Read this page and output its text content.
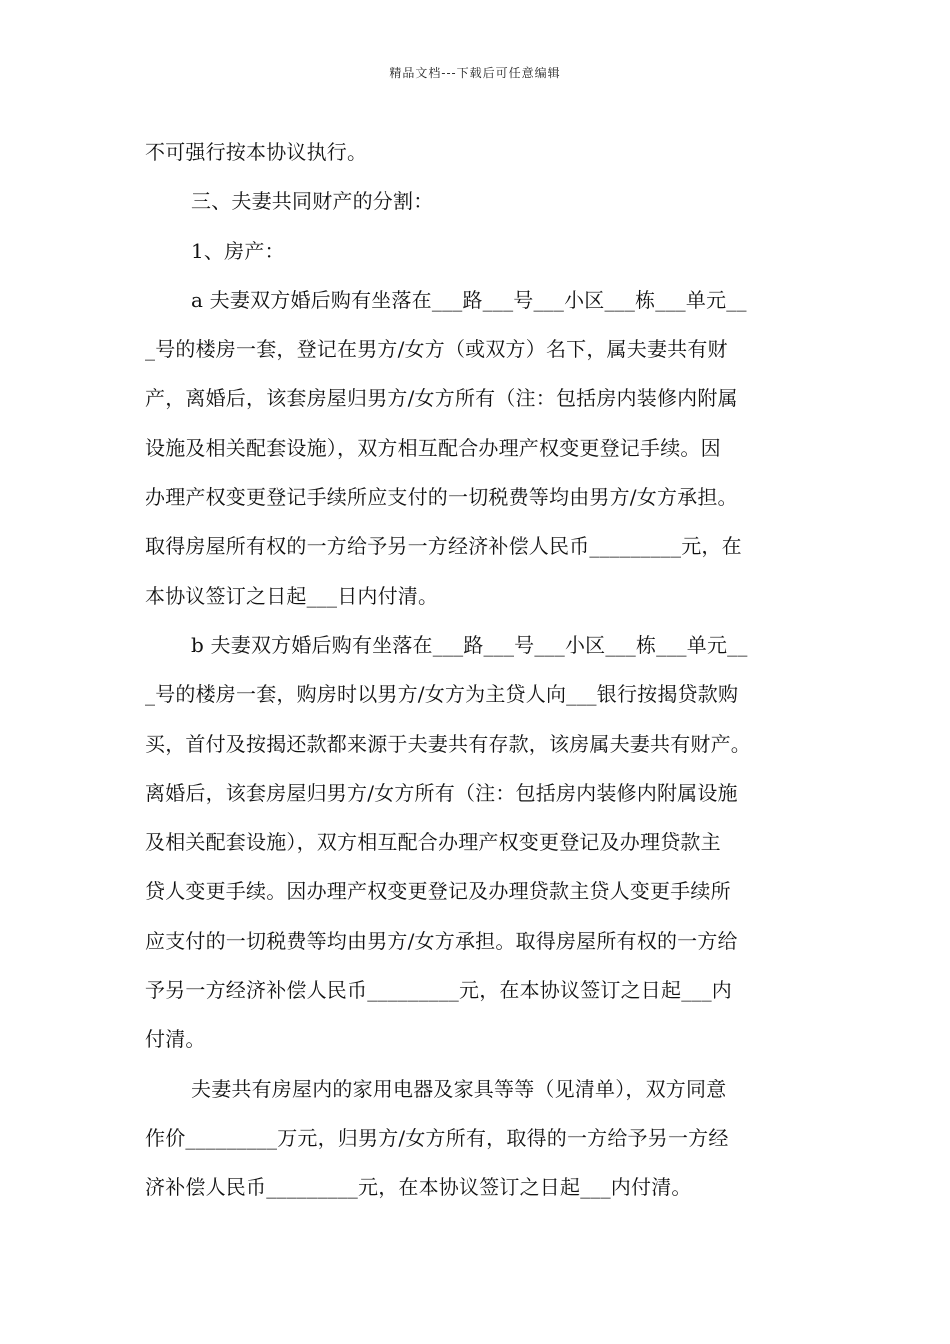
精品文档---下载后可任意编辑
不可强行按本协议执行。
三、夫妻共同财产的分割：
1、房产：
a 夫妻双方婚后购有坐落在___路___号___小区___栋___单元__
_号的楼房一套，登记在男方/女方（或双方）名下，属夫妻共有财
产，离婚后，该套房屋归男方/女方所有（注：包括房内装修内附属
设施及相关配套设施），双方相互配合办理产权变更登记手续。因
办理产权变更登记手续所应支付的一切税费等均由男方/女方承担。
取得房屋所有权的一方给予另一方经济补偿人民币_________元，在
本协议签订之日起___日内付清。
b 夫妻双方婚后购有坐落在___路___号___小区___栋___单元__
_号的楼房一套，购房时以男方/女方为主贷人向___银行按揭贷款购
买，首付及按揭还款都来源于夫妻共有存款，该房属夫妻共有财产。
离婚后，该套房屋归男方/女方所有（注：包括房内装修内附属设施
及相关配套设施），双方相互配合办理产权变更登记及办理贷款主
贷人变更手续。因办理产权变更登记及办理贷款主贷人变更手续所
应支付的一切税费等均由男方/女方承担。取得房屋所有权的一方给
予另一方经济补偿人民币_________元，在本协议签订之日起___内
付清。
夫妻共有房屋内的家用电器及家具等等（见清单），双方同意
作价_________万元，归男方/女方所有，取得的一方给予另一方经
济补偿人民币_________元，在本协议签订之日起___内付清。
